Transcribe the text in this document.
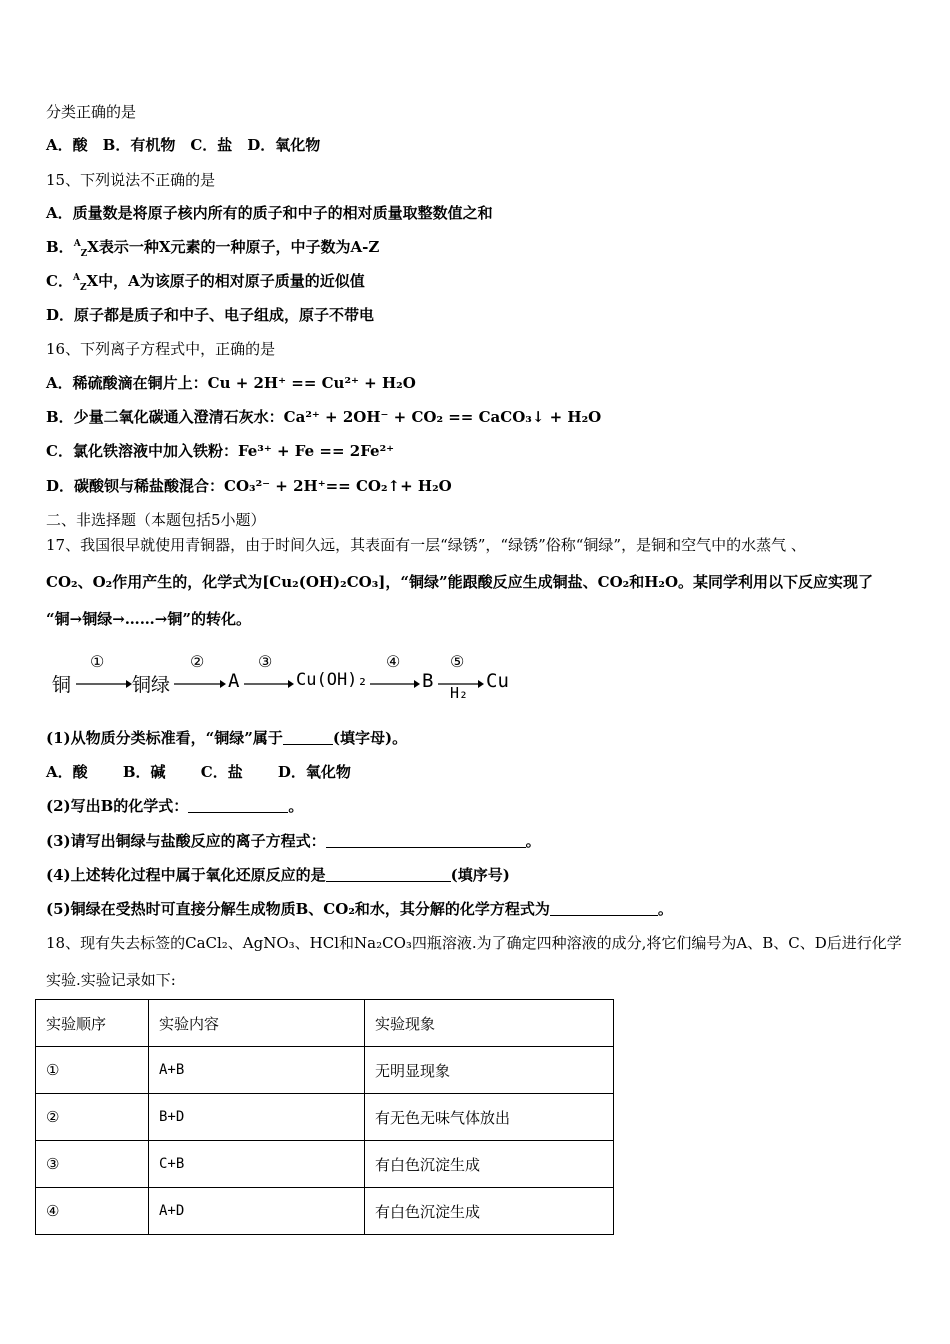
分类正确的是
A．酸　B．有机物　C．盐　D．氧化物
15、下列说法不正确的是
A．质量数是将原子核内所有的质子和中子的相对质量取整数值之和
B．$^A_Z$X表示一种X元素的一种原子，中子数为A-Z
C．$^A_Z$X中，A为该原子的相对原子质量的近似值
D．原子都是质子和中子、电子组成，原子不带电
16、下列离子方程式中，正确的是
A．稀硫酸滴在铜片上：Cu + 2H⁺ == Cu²⁺ + H₂O
B．少量二氧化碳通入澄清石灰水：Ca²⁺ + 2OH⁻ + CO₂ == CaCO₃↓ + H₂O
C．氯化铁溶液中加入铁粉：Fe³⁺ + Fe == 2Fe²⁺
D．碳酸钡与稀盐酸混合：CO₃²⁻ + 2H⁺== CO₂↑+ H₂O
二、非选择题（本题包括5小题）
17、我国很早就使用青铜器，由于时间久远，其表面有一层“绿锈”，“绿锈”俗称“铜绿”，是铜和空气中的水蒸气 、
CO₂、O₂作用产生的，化学式为[Cu₂(OH)₂CO₃]，“铜绿”能跟酸反应生成铜盐、CO₂和H₂O。某同学利用以下反应实现了
“铜→铜绿→……→铜”的转化。
铜
①
铜绿
②
A
③
Cu(OH)₂
④
B
⑤
H₂
Cu
(1)从物质分类标准看，“铜绿”属于	(填字母)。
A．酸　　 B．碱　　 C．盐　　 D．氧化物
(2)写出B的化学式：	。
(3)请写出铜绿与盐酸反应的离子方程式：	。
(4)上述转化过程中属于氧化还原反应的是	(填序号)
(5)铜绿在受热时可直接分解生成物质B、CO₂和水，其分解的化学方程式为	。
18、现有失去标签的CaCl₂、AgNO₃、HCl和Na₂CO₃四瓶溶液.为了确定四种溶液的成分,将它们编号为A、B、C、D后进行化学
实验.实验记录如下:
实验顺序	实验内容	实验现象
①	A+B	无明显现象
②	B+D	有无色无味气体放出
③	C+B	有白色沉淀生成
④	A+D	有白色沉淀生成
